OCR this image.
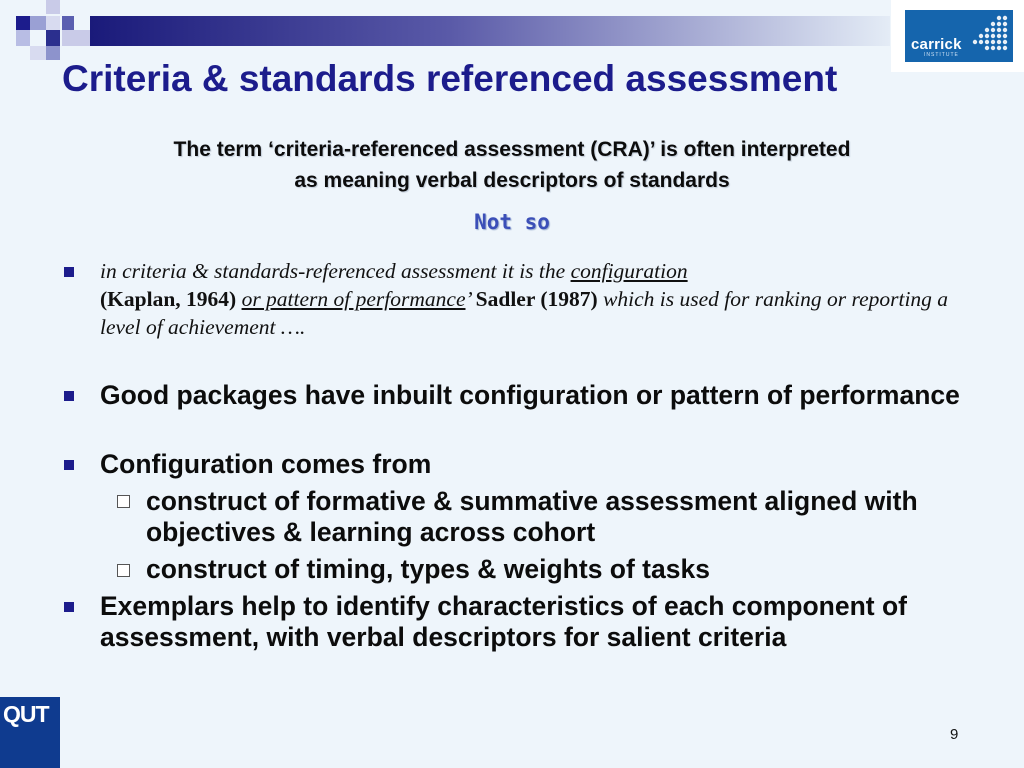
carrick
INSTITUTE
Criteria & standards referenced assessment
The term ‘criteria-referenced assessment (CRA)’ is often interpreted
as meaning verbal descriptors of standards
Not so
in criteria & standards-referenced assessment it is the configuration
(Kaplan, 1964) or pattern of performance’ Sadler (1987) which is used for ranking or reporting a level of achievement ….
Good packages have inbuilt configuration or pattern of performance
Configuration comes from
construct of formative & summative assessment aligned with objectives & learning across cohort
construct of timing, types & weights of tasks
Exemplars help to identify characteristics of each component of assessment, with verbal descriptors for salient criteria
QUT
9
